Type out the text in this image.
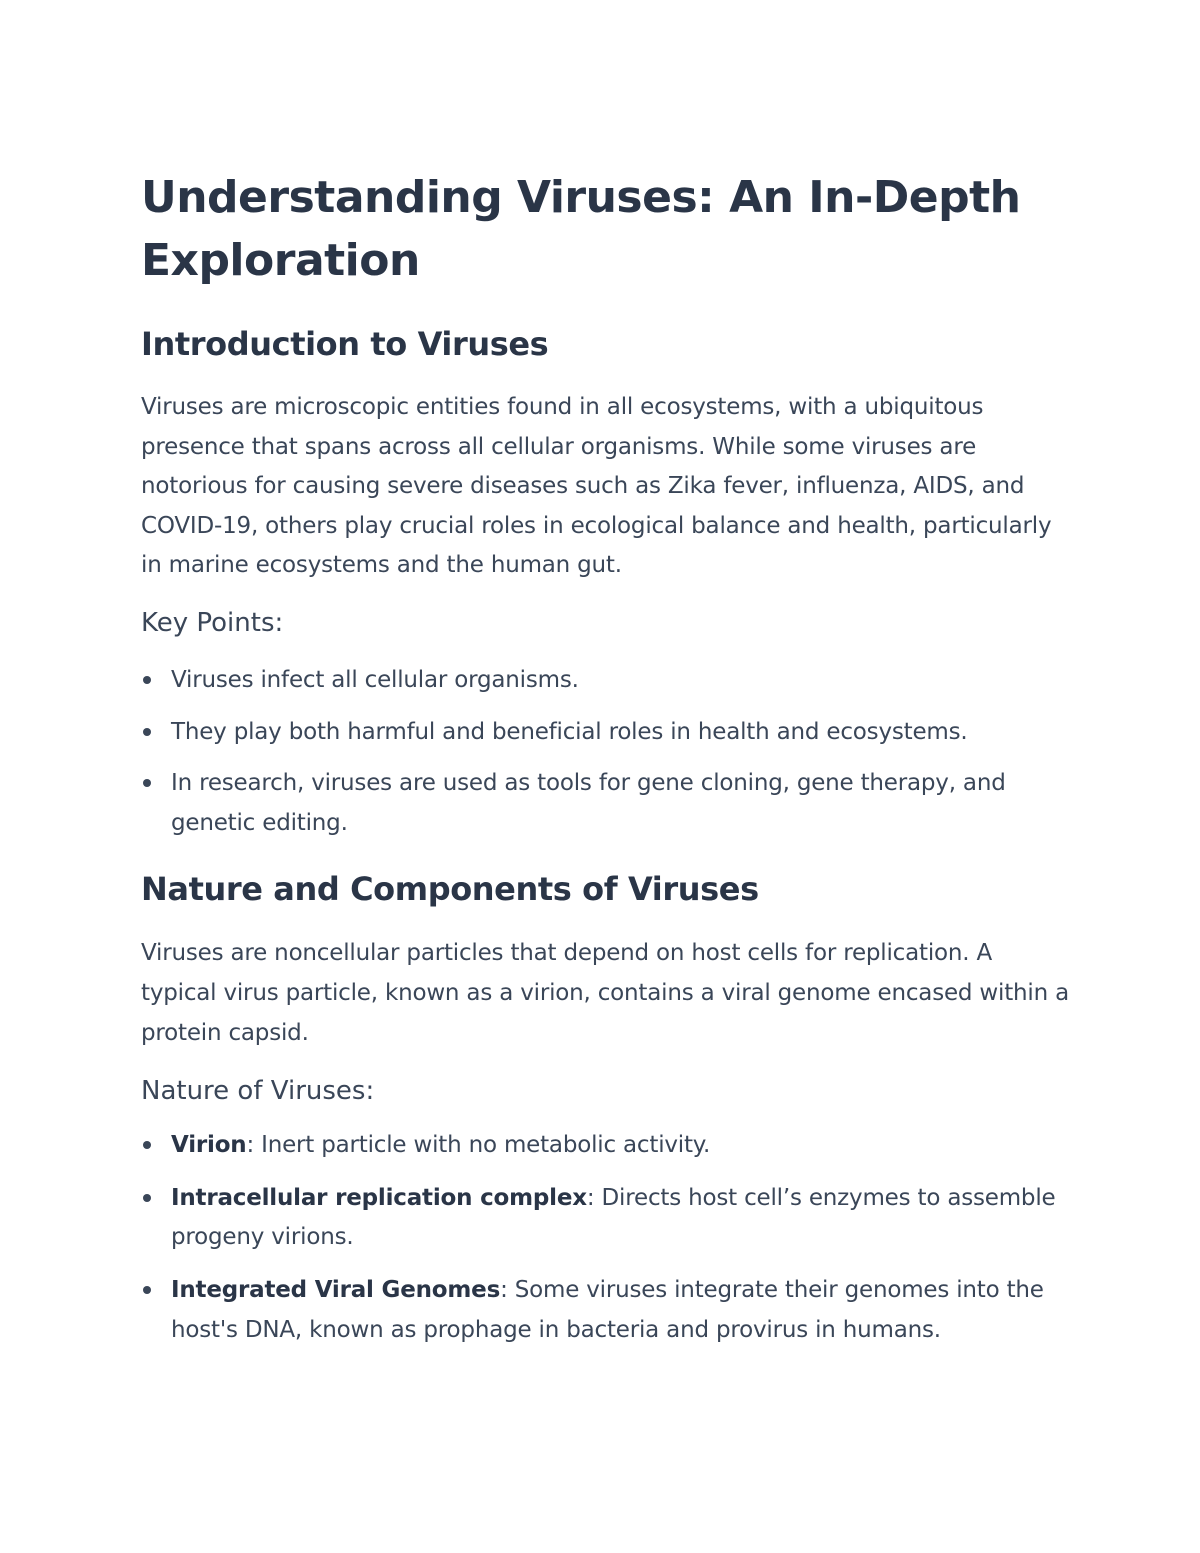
Understanding Viruses: An In-Depth Exploration
Introduction to Viruses

Viruses are microscopic entities found in all ecosystems, with a ubiquitous presence that spans across all cellular organisms. While some viruses are notorious for causing severe diseases such as Zika fever, influenza, AIDS, and COVID-19, others play crucial roles in ecological balance and health, particularly in marine ecosystems and the human gut.

Key Points:
Viruses infect all cellular organisms.
They play both harmful and beneficial roles in health and ecosystems.
In research, viruses are used as tools for gene cloning, gene therapy, and genetic editing.
Nature and Components of Viruses

Viruses are noncellular particles that depend on host cells for replication. A typical virus particle, known as a virion, contains a viral genome encased within a protein capsid.

Nature of Viruses:
Virion: Inert particle with no metabolic activity.
Intracellular replication complex: Directs host cell’s enzymes to assemble progeny virions.
Integrated Viral Genomes: Some viruses integrate their genomes into the host's DNA, known as prophage in bacteria and provirus in humans.
